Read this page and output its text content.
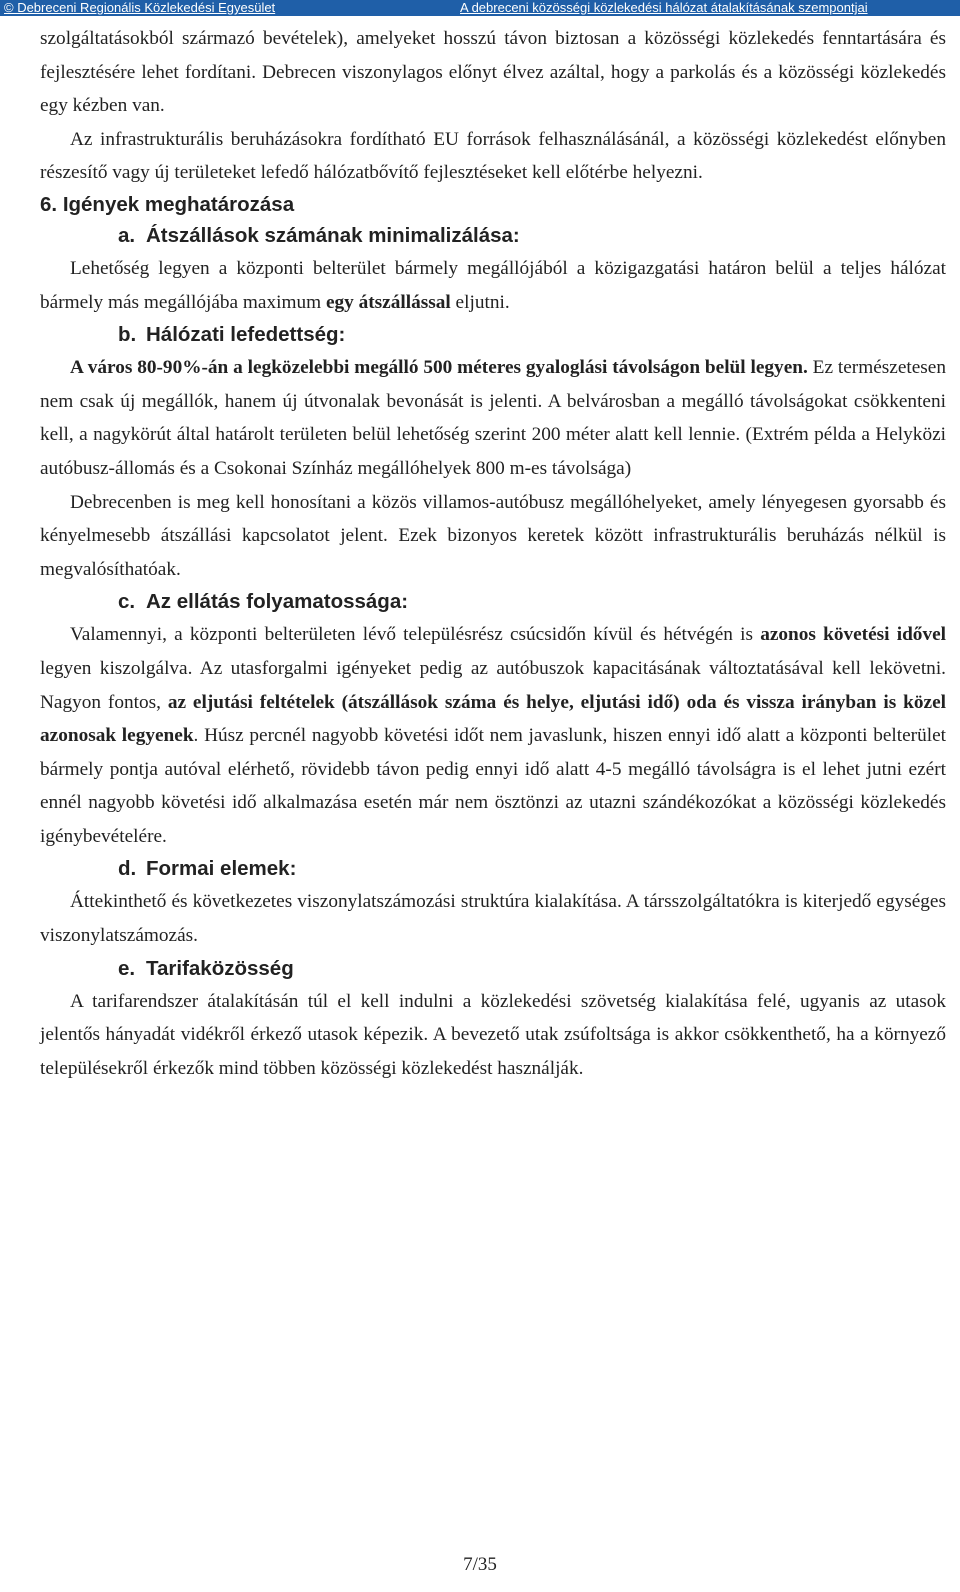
© Debreceni Regionális Közlekedési Egyesület	A debreceni közösségi közlekedési hálózat átalakításának szempontjai

szolgáltatásokból származó bevételek), amelyeket hosszú távon biztosan a közösségi közlekedés fenntartására és fejlesztésére lehet fordítani. Debrecen viszonylagos előnyt élvez azáltal, hogy a parkolás és a közösségi közlekedés egy kézben van.

Az infrastrukturális beruházásokra fordítható EU források felhasználásánál, a közösségi közlekedést előnyben részesítő vagy új területeket lefedő hálózatbővítő fejlesztéseket kell előtérbe helyezni.

6. Igények meghatározása

a. Átszállások számának minimalizálása:

Lehetőség legyen a központi belterület bármely megállójából a közigazgatási határon belül a teljes hálózat bármely más megállójába maximum egy átszállással eljutni.

b. Hálózati lefedettség:

A város 80-90%-án a legközelebbi megálló 500 méteres gyaloglási távolságon belül legyen. Ez természetesen nem csak új megállók, hanem új útvonalak bevonását is jelenti. A belvárosban a megálló távolságokat csökkenteni kell, a nagykörút által határolt területen belül lehetőség szerint 200 méter alatt kell lennie. (Extrém példa a Helyközi autóbusz-állomás és a Csokonai Színház megállóhelyek 800 m-es távolsága)

Debrecenben is meg kell honosítani a közös villamos-autóbusz megállóhelyeket, amely lényegesen gyorsabb és kényelmesebb átszállási kapcsolatot jelent. Ezek bizonyos keretek között infrastrukturális beruházás nélkül is megvalósíthatóak.

c. Az ellátás folyamatossága:

Valamennyi, a központi belterületen lévő településrész csúcsidőn kívül és hétvégén is azonos követési idővel legyen kiszolgálva. Az utasforgalmi igényeket pedig az autóbuszok kapacitásának változtatásával kell lekövetni. Nagyon fontos, az eljutási feltételek (átszállások száma és helye, eljutási idő) oda és vissza irányban is közel azonosak legyenek. Húsz percnél nagyobb követési időt nem javaslunk, hiszen ennyi idő alatt a központi belterület bármely pontja autóval elérhető, rövidebb távon pedig ennyi idő alatt 4-5 megálló távolságra is el lehet jutni ezért ennél nagyobb követési idő alkalmazása esetén már nem ösztönzi az utazni szándékozókat a közösségi közlekedés igénybevételére.

d. Formai elemek:

Áttekinthető és következetes viszonylatszámozási struktúra kialakítása. A társszolgáltatókra is kiterjedő egységes viszonylatszámozás.

e. Tarifaközösség

A tarifarendszer átalakításán túl el kell indulni a közlekedési szövetség kialakítása felé, ugyanis az utasok jelentős hányadát vidékről érkező utasok képezik. A bevezető utak zsúfoltsága is akkor csökkenthető, ha a környező településekről érkezők mind többen közösségi közlekedést használják.

7/35
